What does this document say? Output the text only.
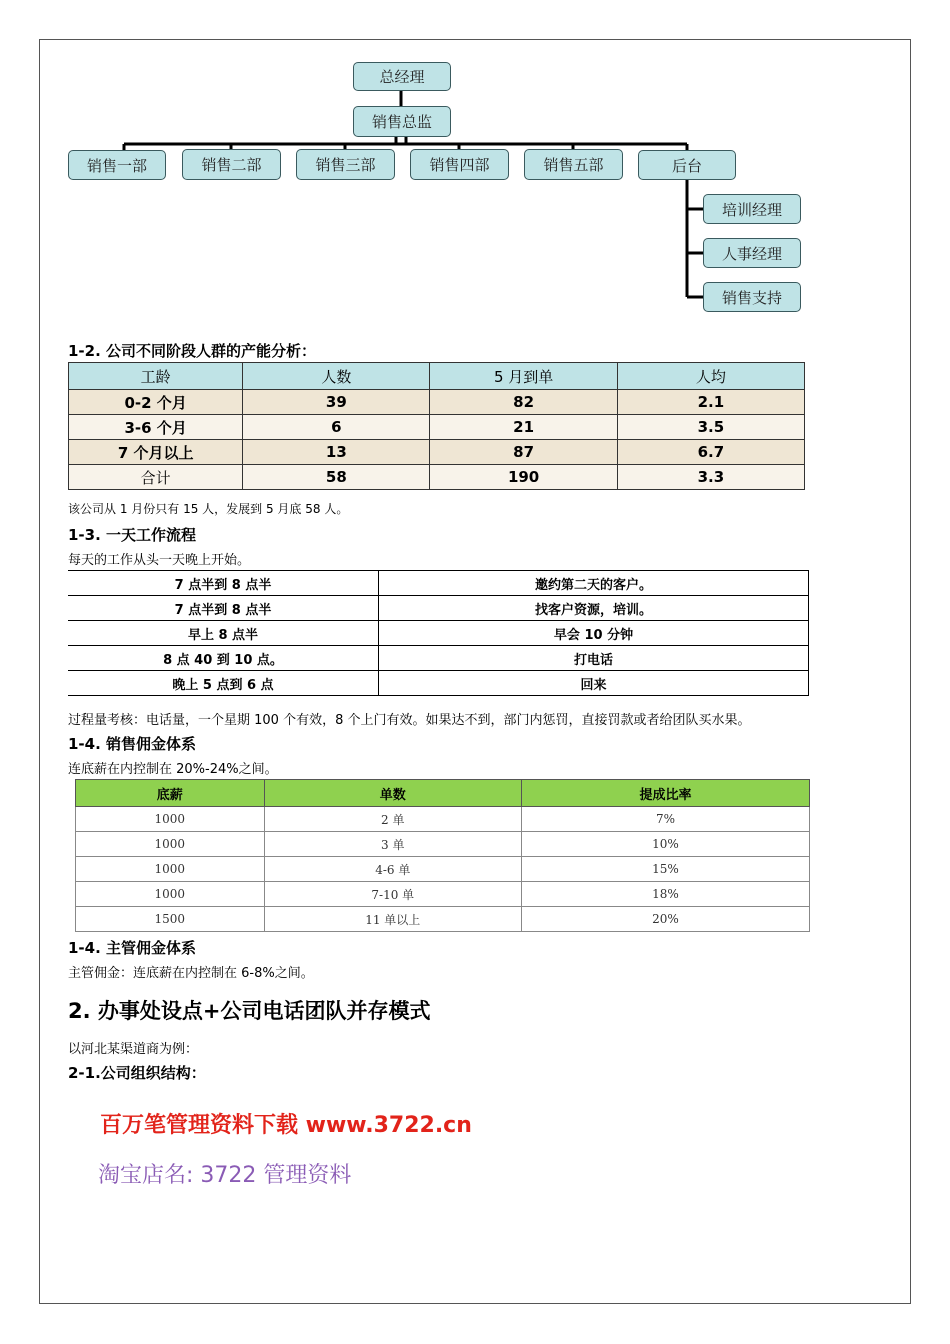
总经理
销售总监
销售一部	销售二部	销售三部	销售四部	销售五部	后台
培训经理
人事经理
销售支持
1-2. 公司不同阶段人群的产能分析：
工龄	人数	5 月到单	人均
0-2 个月	39	82	2.1
3-6 个月	6	21	3.5
7 个月以上	13	87	6.7
合计	58	190	3.3
该公司从 1 月份只有 15 人，发展到 5 月底 58 人。
1-3. 一天工作流程
每天的工作从头一天晚上开始。
7 点半到 8 点半	邀约第二天的客户。
7 点半到 8 点半	找客户资源，培训。
早上 8 点半	早会 10 分钟
8 点 40 到 10 点。	打电话
晚上 5 点到 6 点	回来
过程量考核：电话量，一个星期 100 个有效，8 个上门有效。如果达不到，部门内惩罚，直接罚款或者给团队买水果。
1-4. 销售佣金体系
连底薪在内控制在 20%-24%之间。
底薪	单数	提成比率
1000	2 单	7%
1000	3 单	10%
1000	4-6 单	15%
1000	7-10 单	18%
1500	11 单以上	20%
1-4. 主管佣金体系
主管佣金：连底薪在内控制在 6-8%之间。
2. 办事处设点+公司电话团队并存模式
以河北某渠道商为例：
2-1.公司组织结构：
百万笔管理资料下载 www.3722.cn
淘宝店名: 3722 管理资料
